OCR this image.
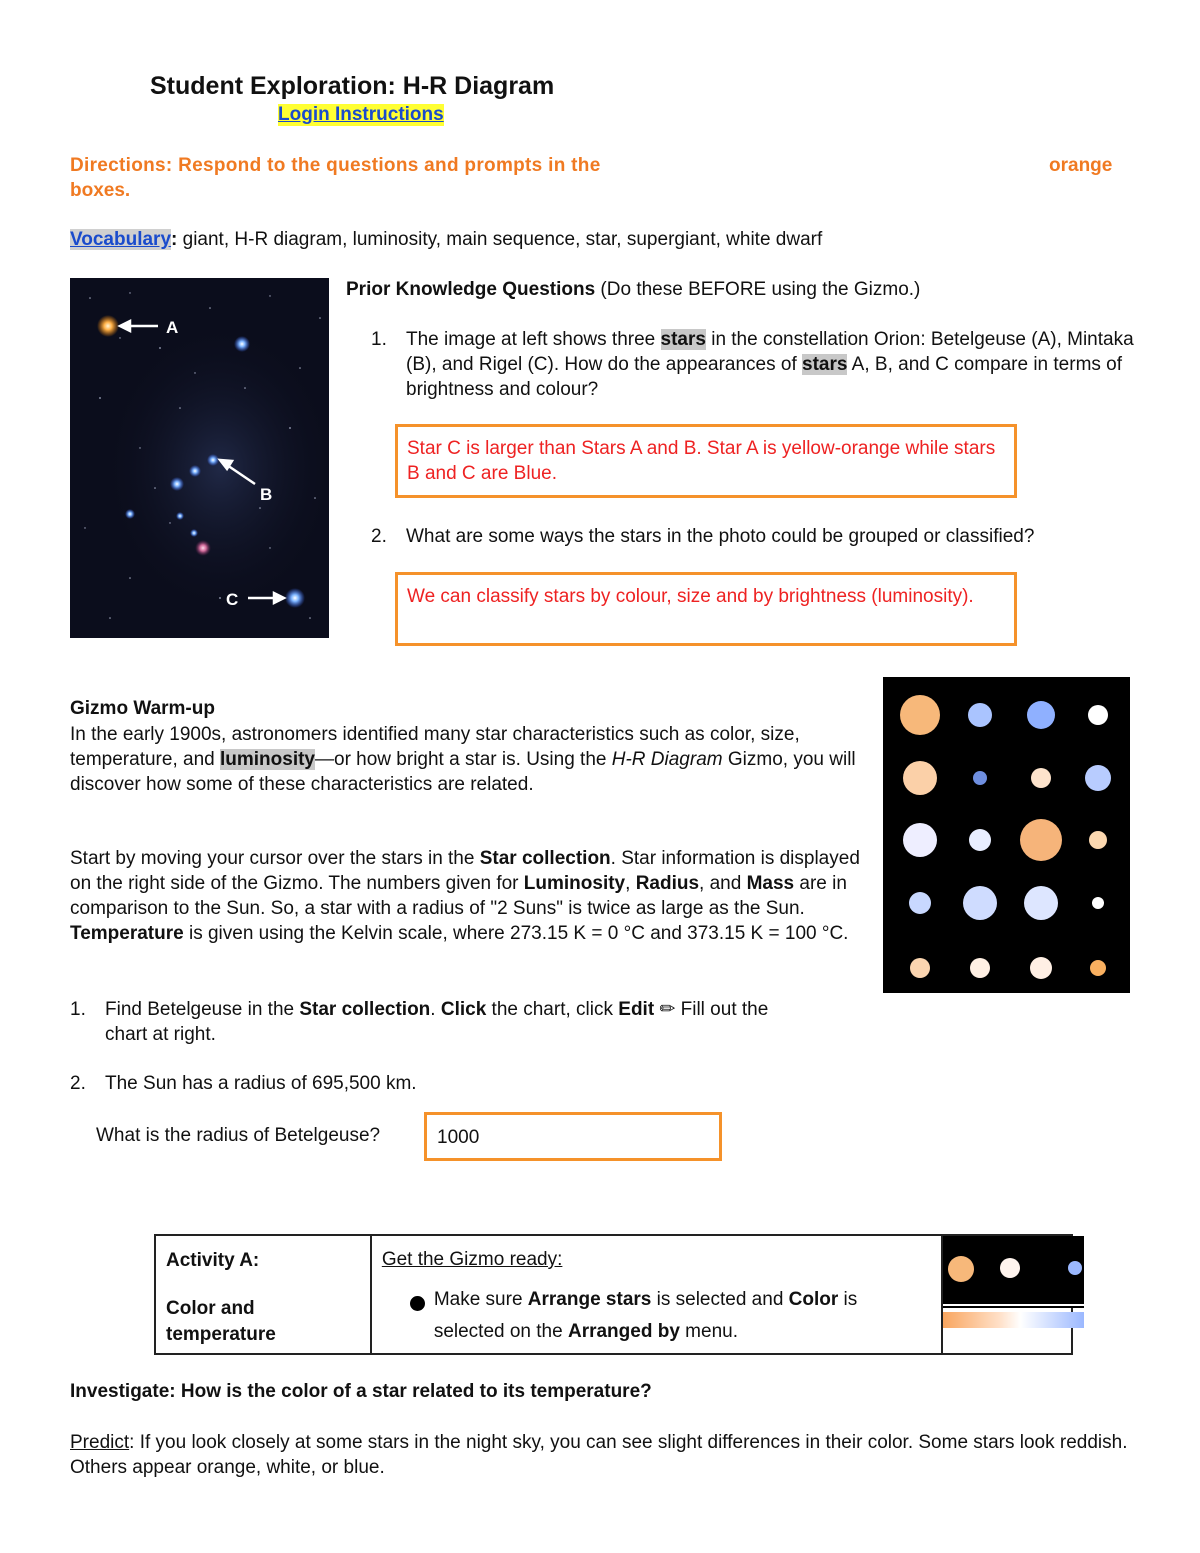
Student Exploration: H-R Diagram
Login Instructions
Directions: Respond to the questions and prompts in the	orange
boxes.
Vocabulary: giant, H-R diagram, luminosity, main sequence, star, supergiant, white dwarf
A
B
C
Prior Knowledge Questions (Do these BEFORE using the Gizmo.)
1. The image at left shows three stars in the constellation Orion: Betelgeuse (A), Mintaka (B), and Rigel (C). How do the appearances of stars A, B, and C compare in terms of brightness and colour?
Star C is larger than Stars A and B. Star A is yellow-orange while stars B and C are Blue.
2. What are some ways the stars in the photo could be grouped or classified?
We can classify stars by colour, size and by brightness (luminosity).
Gizmo Warm-up
In the early 1900s, astronomers identified many star characteristics such as color, size, temperature, and luminosity—or how bright a star is. Using the H-R Diagram Gizmo, you will discover how some of these characteristics are related.
Start by moving your cursor over the stars in the Star collection. Star information is displayed on the right side of the Gizmo. The numbers given for Luminosity, Radius, and Mass are in comparison to the Sun. So, a star with a radius of "2 Suns" is twice as large as the Sun. Temperature is given using the Kelvin scale, where 273.15 K = 0 °C and 373.15 K = 100 °C.
1. Find Betelgeuse in the Star collection. Click the chart, click Edit ✏ Fill out the chart at right.
2. The Sun has a radius of 695,500 km.
What is the radius of Betelgeuse?	1000
Activity A:
Color and temperature

Get the Gizmo ready:
Make sure Arrange stars is selected and Color is selected on the Arranged by menu.

Investigate: How is the color of a star related to its temperature?
Predict: If you look closely at some stars in the night sky, you can see slight differences in their color. Some stars look reddish. Others appear orange, white, or blue.
